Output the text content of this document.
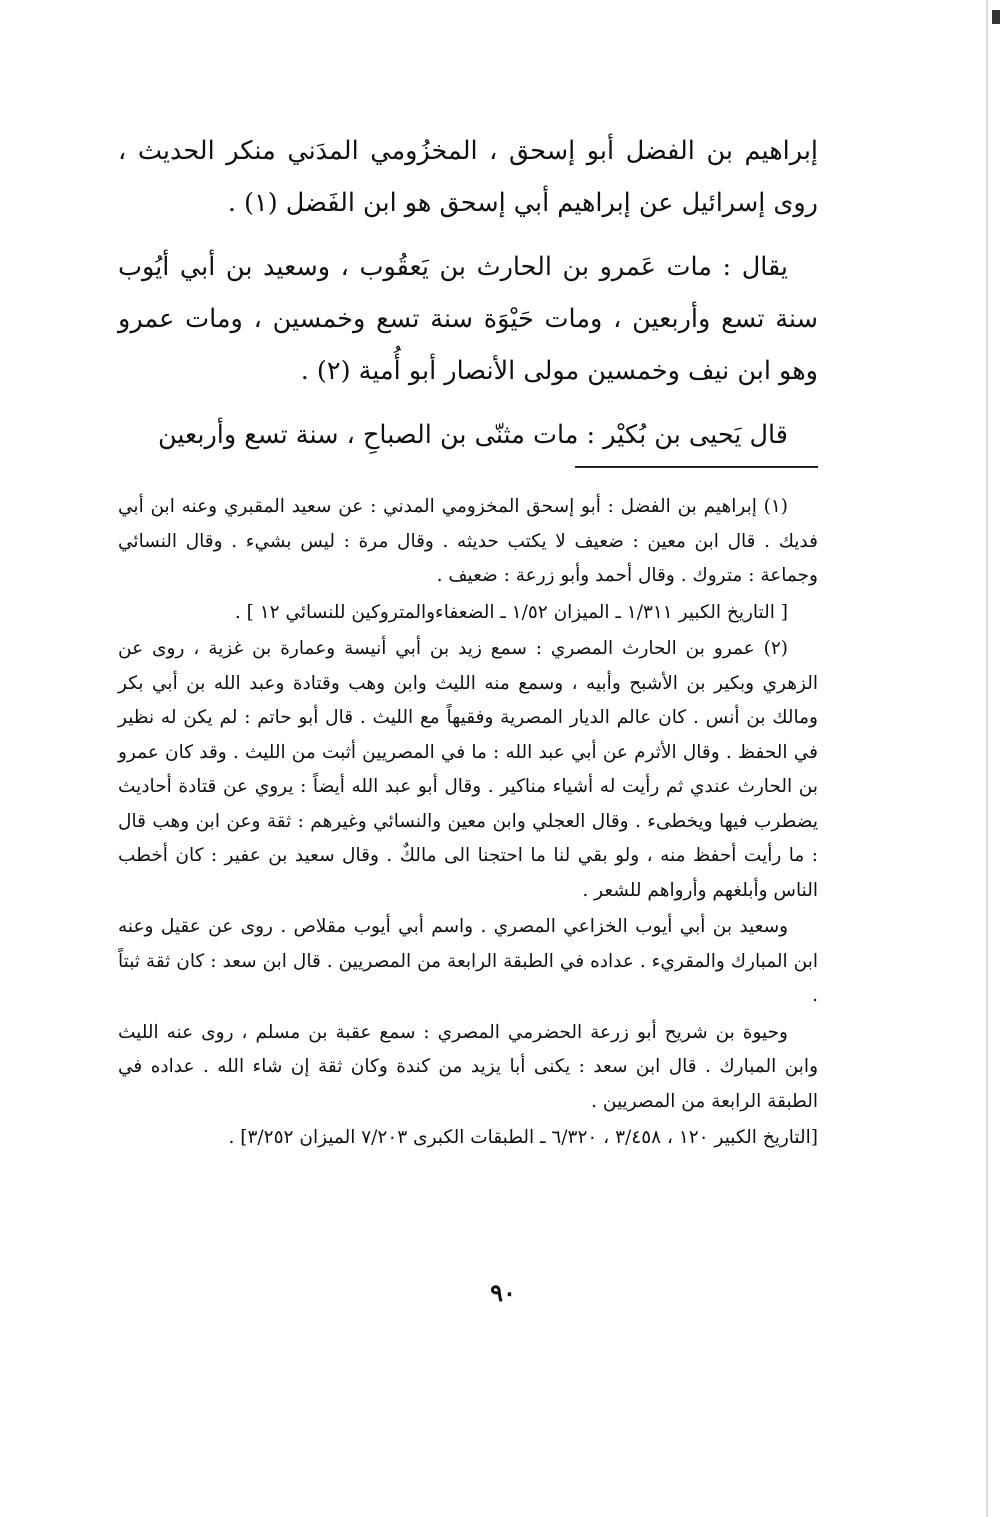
إبراهيم بن الفضل أبو إسحق ، المخزُومي المدَني منكر الحديث ، روى إسرائيل عن إبراهيم أبي إسحق هو ابن الفَضل (١) .

يقال : مات عَمرو بن الحارث بن يَعقُوب ، وسعيد بن أبي أيُوب سنة تسع وأربعين ، ومات حَيْوَة سنة تسع وخمسين ، ومات عمرو وهو ابن نيف وخمسين مولى الأنصار أبو أُمية (٢) .

قال يَحيى بن بُكيْر : مات مثنّى بن الصباحِ ، سنة تسع وأربعين

(١) إبراهيم بن الفضل : أبو إسحق المخزومي المدني : عن سعيد المقبري وعنه ابن أبي فديك . قال ابن معين : ضعيف لا يكتب حديثه . وقال مرة : ليس بشيء . وقال النسائي وجماعة : متروك . وقال أحمد وأبو زرعة : ضعيف .

[ التاريخ الكبير ١/٣١١ ـ الميزان ١/٥٢ ـ الضعفاءوالمتروكين للنسائي ١٢ ] .

(٢) عمرو بن الحارث المصري : سمع زيد بن أبي أنيسة وعمارة بن غزية ، روى عن الزهري وبكير بن الأشبح وأبيه ، وسمع منه الليث وابن وهب وقتادة وعبد الله بن أبي بكر ومالك بن أنس . كان عالم الديار المصرية وفقيهاً مع الليث . قال أبو حاتم : لم يكن له نظير في الحفظ . وقال الأثرم عن أبي عبد الله : ما في المصريين أثبت من الليث . وقد كان عمرو بن الحارث عندي ثم رأيت له أشياء مناكير . وقال أبو عبد الله أيضاً : يروي عن قتادة أحاديث يضطرب فيها ويخطىء . وقال العجلي وابن معين والنسائي وغيرهم : ثقة وعن ابن وهب قال : ما رأيت أحفظ منه ، ولو بقي لنا ما احتجنا الى مالكٌ . وقال سعيد بن عفير : كان أخطب الناس وأبلغهم وأرواهم للشعر .

وسعيد بن أبي أيوب الخزاعي المصري . واسم أبي أيوب مقلاص . روى عن عقيل وعنه ابن المبارك والمقريء . عداده في الطبقة الرابعة من المصريين . قال ابن سعد : كان ثقة ثبتاً .

وحيوة بن شريح أبو زرعة الحضرمي المصري : سمع عقبة بن مسلم ، روى عنه الليث وابن المبارك . قال ابن سعد : يكنى أبا يزيد من كندة وكان ثقة إن شاء الله . عداده في الطبقة الرابعة من المصريين .

[التاريخ الكبير ١٢٠ ، ٣/٤٥٨ ، ٦/٣٢٠ ـ الطبقات الكبرى ٧/٢٠٣ الميزان ٣/٢٥٢] .

٩٠
